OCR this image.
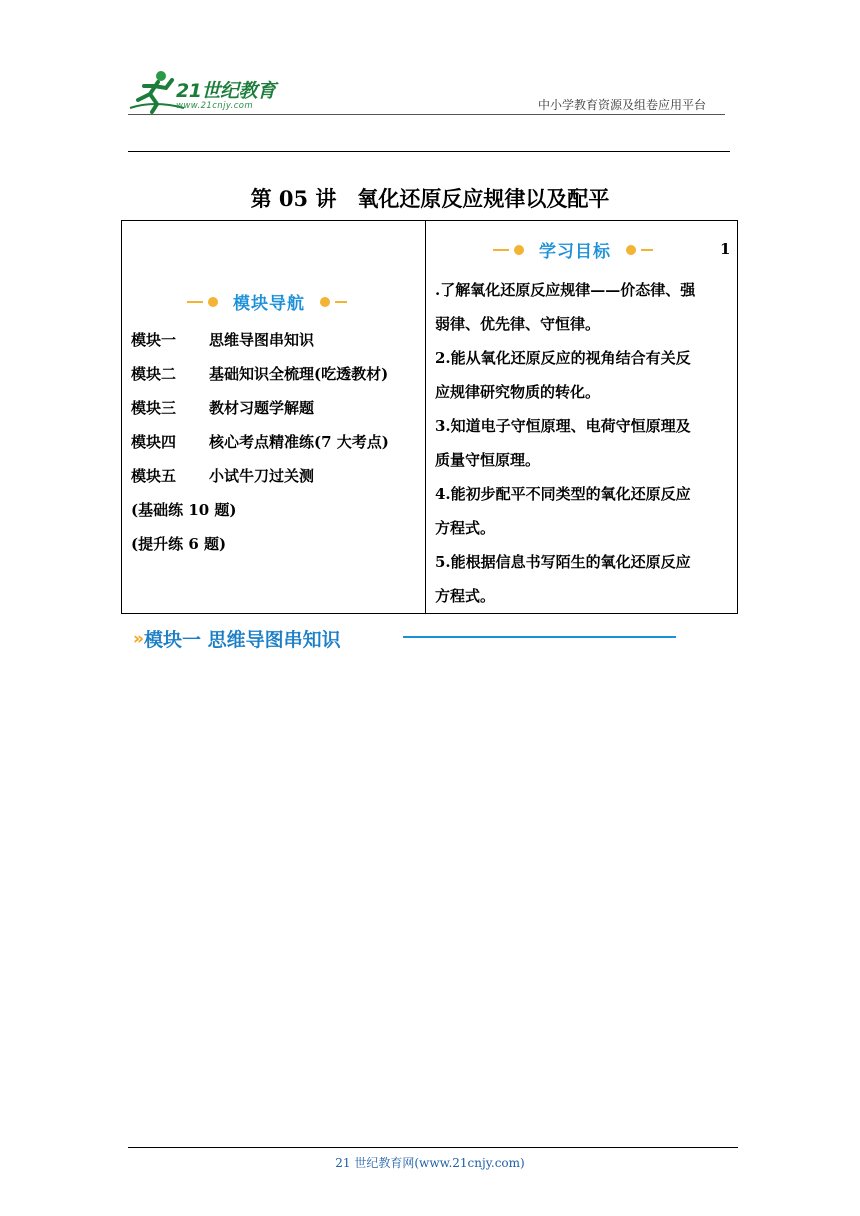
21世纪教育
www.21cnjy.com	中小学教育资源及组卷应用平台
第 05 讲　氧化还原反应规律以及配平
模块导航
模块一 思维导图串知识
模块二 基础知识全梳理(吃透教材)
模块三 教材习题学解题
模块四 核心考点精准练(7 大考点)
模块五 小试牛刀过关测
(基础练 10 题)
(提升练 6 题)
学习目标	1
.了解氧化还原反应规律——价态律、强
弱律、优先律、守恒律。
2.能从氧化还原反应的视角结合有关反
应规律研究物质的转化。
3.知道电子守恒原理、电荷守恒原理及
质量守恒原理。
4.能初步配平不同类型的氧化还原反应
方程式。
5.能根据信息书写陌生的氧化还原反应
方程式。
» 模块一 思维导图串知识
21 世纪教育网(www.21cnjy.com)
